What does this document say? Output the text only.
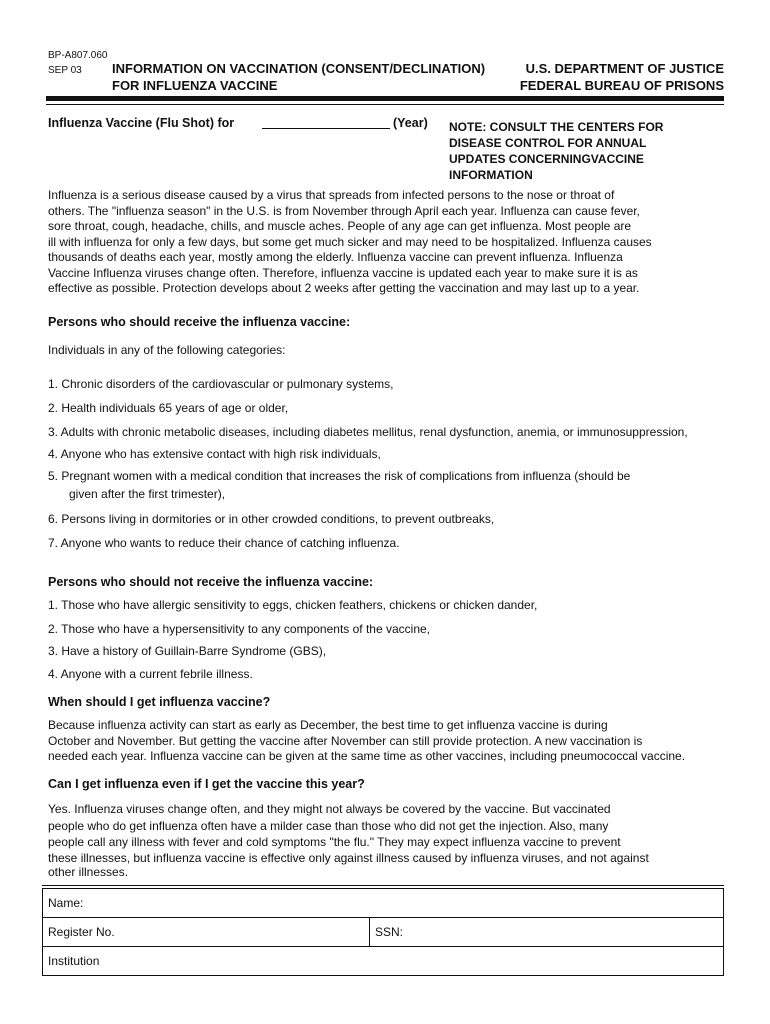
BP-A807.060
SEP 03 INFORMATION ON VACCINATION (CONSENT/DECLINATION)
FOR INFLUENZA VACCINE
U.S. DEPARTMENT OF JUSTICE
FEDERAL BUREAU OF PRISONS
Influenza Vaccine (Flu Shot) for	(Year) NOTE: CONSULT THE CENTERS FOR
DISEASE CONTROL FOR ANNUAL
UPDATES CONCERNINGVACCINE
INFORMATION
Influenza is a serious disease caused by a virus that spreads from infected persons to the nose or throat of
others. The "influenza season" in the U.S. is from November through April each year. Influenza can cause fever,
sore throat, cough, headache, chills, and muscle aches. People of any age can get influenza. Most people are
ill with influenza for only a few days, but some get much sicker and may need to be hospitalized. Influenza causes
thousands of deaths each year, mostly among the elderly. Influenza vaccine can prevent influenza. Influenza
Vaccine Influenza viruses change often. Therefore, influenza vaccine is updated each year to make sure it is as
effective as possible. Protection develops about 2 weeks after getting the vaccination and may last up to a year.
Persons who should receive the influenza vaccine:
Individuals in any of the following categories:
1. Chronic disorders of the cardiovascular or pulmonary systems,
2. Health individuals 65 years of age or older,
3. Adults with chronic metabolic diseases, including diabetes mellitus, renal dysfunction, anemia, or immunosuppression,
4. Anyone who has extensive contact with high risk individuals,
5. Pregnant women with a medical condition that increases the risk of complications from influenza (should be
given after the first trimester),
6. Persons living in dormitories or in other crowded conditions, to prevent outbreaks,
7. Anyone who wants to reduce their chance of catching influenza.
Persons who should not receive the influenza vaccine:
1. Those who have allergic sensitivity to eggs, chicken feathers, chickens or chicken dander,
2. Those who have a hypersensitivity to any components of the vaccine,
3. Have a history of Guillain-Barre Syndrome (GBS),
4. Anyone with a current febrile illness.
When should I get influenza vaccine?
Because influenza activity can start as early as December, the best time to get influenza vaccine is during
October and November. But getting the vaccine after November can still provide protection. A new vaccination is
needed each year. Influenza vaccine can be given at the same time as other vaccines, including pneumococcal vaccine.
Can I get influenza even if I get the vaccine this year?
Yes. Influenza viruses change often, and they might not always be covered by the vaccine. But vaccinated
people who do get influenza often have a milder case than those who did not get the injection. Also, many
people call any illness with fever and cold symptoms "the flu." They may expect influenza vaccine to prevent
these illnesses, but influenza vaccine is effective only against illness caused by influenza viruses, and not against
other illnesses.
Name:
Register No.	SSN:
Institution
